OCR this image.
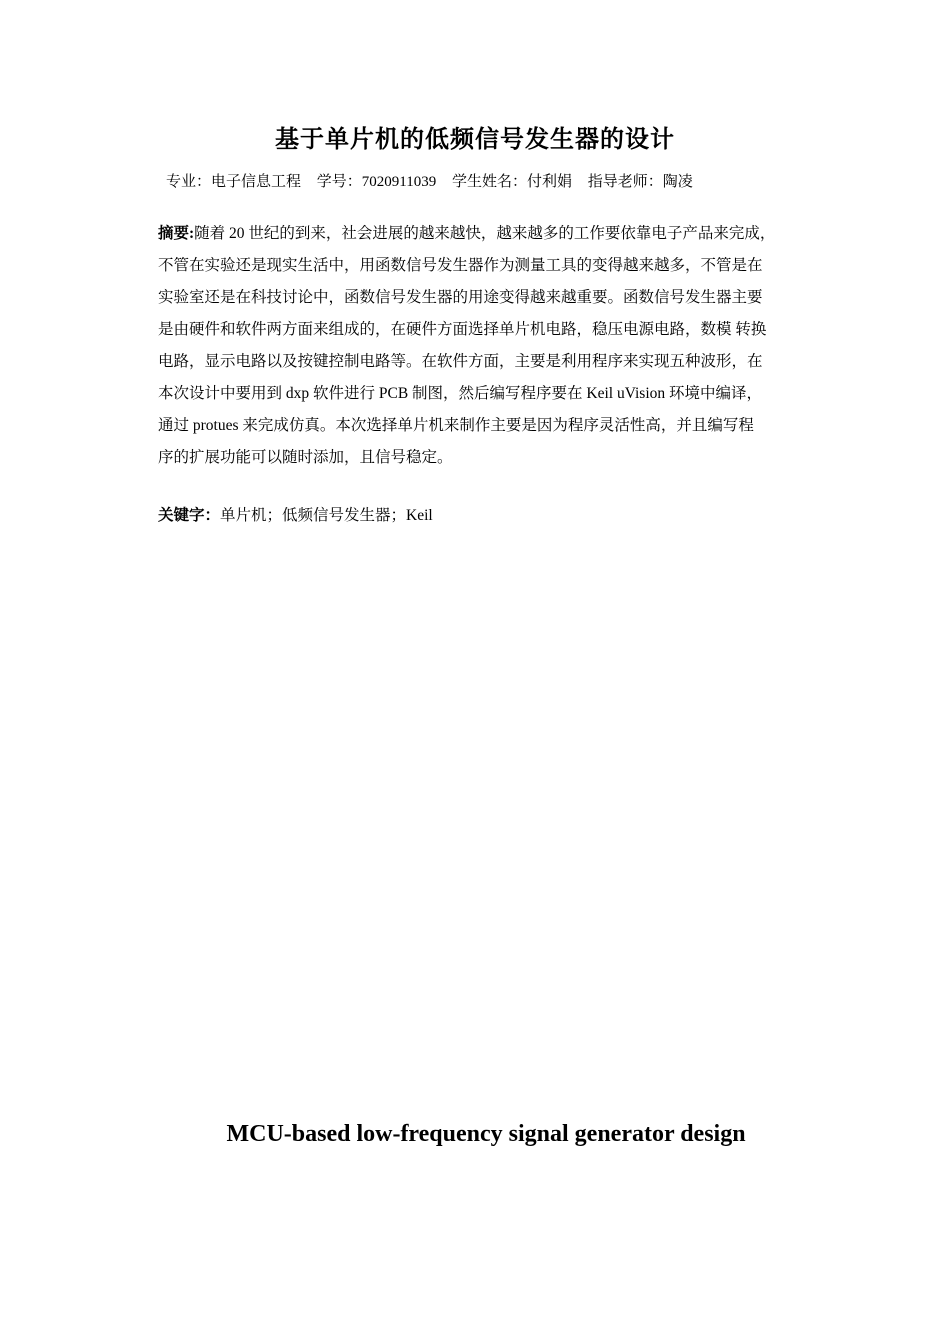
基于单片机的低频信号发生器的设计
专业：电子信息工程 学号：7020911039 学生姓名：付利娟 指导老师：陶凌
摘要:随着 20 世纪的到来，社会进展的越来越快，越来越多的工作要依靠电子产品来完成，
不管在实验还是现实生活中，用函数信号发生器作为测量工具的变得越来越多，不管是在
实验室还是在科技讨论中，函数信号发生器的用途变得越来越重要。函数信号发生器主要
是由硬件和软件两方面来组成的，在硬件方面选择单片机电路，稳压电源电路，数模 转换
电路，显示电路以及按键控制电路等。在软件方面，主要是利用程序来实现五种波形，在
本次设计中要用到 dxp 软件进行 PCB 制图，然后编写程序要在 Keil uVision 环境中编译，
通过 protues 来完成仿真。本次选择单片机来制作主要是因为程序灵活性高，并且编写程
序的扩展功能可以随时添加，且信号稳定。
关键字：单片机；低频信号发生器；Keil
MCU-based low-frequency signal generator design
